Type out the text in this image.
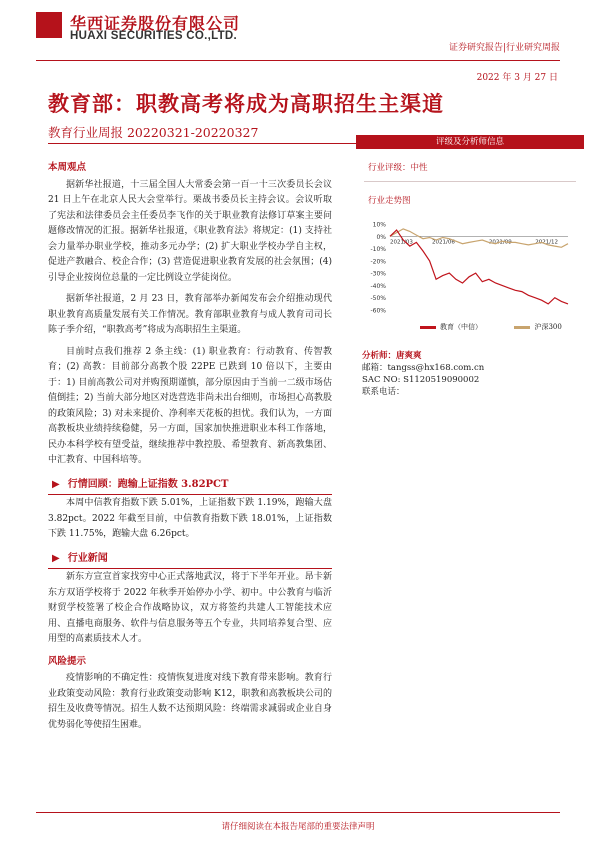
华西证券股份有限公司
HUAXI SECURITIES CO.,LTD.
证券研究报告|行业研究周报
2022 年 3 月 27 日
教育部：职教高考将成为高职招生主渠道
教育行业周报 20220321-20220327
本周观点

据新华社报道，十三届全国人大常委会第一百一十三次委员长会议 21 日上午在北京人民大会堂举行。栗战书委员长主持会议。会议听取了宪法和法律委员会主任委员李飞作的关于职业教育法修订草案主要问题修改情况的汇报。据新华社报道，《职业教育法》将规定：(1) 支持社会力量举办职业学校，推动多元办学；(2) 扩大职业学校办学自主权，促进产教融合、校企合作；(3) 营造促进职业教育发展的社会氛围；(4) 引导企业按岗位总量的一定比例设立学徒岗位。

据新华社报道，2 月 23 日，教育部举办新闻发布会介绍推动现代职业教育高质量发展有关工作情况。教育部职业教育与成人教育司司长陈子季介绍，“职教高考”将成为高职招生主渠道。

目前时点我们推荐 2 条主线：(1) 职业教育：行动教育、传智教育；(2) 高教：目前部分高教个股 22PE 已跌到 10 倍以下，主要由于：1) 目前高教公司对并购预期谨慎，部分原因由于当前一二级市场估值倒挂；2) 当前大部分地区对选营选非尚未出台细则，市场担心高教股的政策风险；3) 对未来提价、净利率天花板的担忧。我们认为，一方面高教板块业绩持续稳健，另一方面，国家加快推进职业本科工作落地，民办本科学校有望受益，继续推荐中教控股、希望教育、新高教集团、中汇教育、中国科培等。

▶ 行情回顾：跑输上证指数 3.82PCT

本周中信教育指数下跌 5.01%，上证指数下跌 1.19%，跑输大盘 3.82pct。2022 年截至目前，中信教育指数下跌 18.01%，上证指数下跌 11.75%，跑输大盘 6.26pct。

▶ 行业新闻

新东方宣宣首家找穷中心正式落地武汉，将于下半年开业。昂卡新东方双语学校将于 2022 年秋季开始停办小学、初中。中公教育与临沂财贸学校签署了校企合作战略协议，双方将签约共建人工智能技术应用、直播电商服务、软件与信息服务等五个专业，共同培养复合型、应用型的高素质技术人才。

风险提示

疫情影响的不确定性：疫情恢复进度对线下教育带来影响。教育行业政策变动风险：教育行业政策变动影响 K12，职教和高教板块公司的招生及收费等情况。招生人数不达预期风险：终端需求减弱或企业自身优势弱化等使招生困难。

评级及分析师信息
行业评级：中性
行业走势图
10%
0%
-10%
-20%
-30%
-40%
-50%
-60%
2021/03	2021/06	2021/09	2021/12
教育（中信）	沪深300
分析师：唐爽爽
邮箱：tangss@hx168.com.cn
SAC NO: S1120519090002
联系电话：
请仔细阅读在本报告尾部的重要法律声明
